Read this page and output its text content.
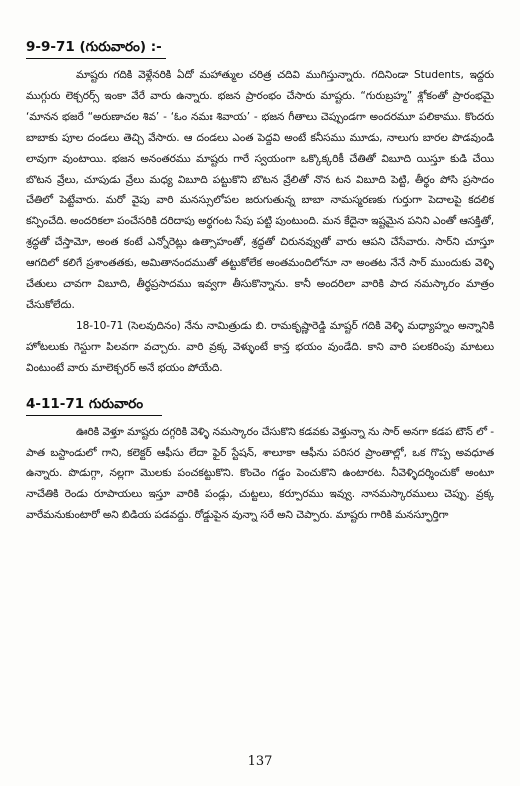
9-9-71 (గురువారం) :-

మాష్టరు గదికి వెళ్లేనరికి ఏదో మహాత్ముల చరిత్ర చదివి ముగిస్తున్నారు. గదినిండా Students, ఇద్దరు ముగ్గురు లెక్చరర్స్ ఇంకా వేరే వారు ఉన్నారు. భజన ప్రారంభం చేసారు మాష్టరు. “గురుబ్రహ్మ” శ్లోకంతో ప్రారంభమై ‘మానన భజరే “అరుణాచల శివ’ - ‘ఓం నమః శివాయ’ - భజన గీతాలు చెప్పుండగా అందరమూ పలికాము. కొందరు బాబాకు పూల దండలు తెచ్చి వేసారు. ఆ దండలు ఎంత పెద్దవి అంటే కనీసము మూడు, నాలుగు బారల పొడవుండి లావుగా వుంటాయి. భజన అనంతరము మాష్టరు గారే స్వయంగా ఒక్కొక్కరికీ చేతితో విబూది యిస్తూ కుడి చేయి బొటన వ్రేలు, చూపుడు వ్రేలు మధ్య విబూది పట్టుకొని బొటన వ్రేలితో నొన టన విబూది పెట్టి, తీర్థం పోసి ప్రసాదం చేతిలో పెట్టేవారు. మరో వైపు వారి మనస్సులోపల జరుగుతున్న బాబా నామస్మరణకు గుర్తుగా పెదాలపై కదలిక కన్పించేది. అందరికలా పంచేసరికి దరిదాపు అర్థగంట సేపు పట్టి పుంటుంది. మన కేదైనా ఇష్టమైన పనిని ఎంతో ఆసక్తితో, శ్రద్ధతో చేస్తామో, అంత కంటే ఎన్నోరెట్లు ఉత్సాహంతో, శ్రద్ధతో చిరునవ్వుతో వారు ఆపని చేసేవారు. సార్‌ని చూస్తూ ఆగదిలో కలిగే ప్రశాంతతకు, అమితానందముతో తట్టుకోలేక అంతమందిలోనూ నా అంతట నేనే సార్ ముందుకు వెళ్ళి చేతులు చావగా విబూది, తీర్థప్రసాదము ఇవ్వగా తీసుకొన్నాను. కానీ అందరిలా వారికి పాద నమస్కారం మాత్రం చేసుకోలేదు.

18-10-71 (సెలవుదినం) నేను నామిత్రుడు బి. రామకృష్ణారెడ్డి మాష్టర్ గదికి వెళ్ళి మధ్యాహ్నం అన్నానికి హోటలుకు గెస్టుగా పిలవగా వచ్చారు. వారి వ్రక్క వెళ్ళుంటే కాన్త భయం వుండేది. కాని వారి పలకరింపు మాటలు వింటుంటే వారు మాలెక్చరర్ అనే భయం పోయేది.

4-11-71 గురువారం

ఊరికి వెళ్తూ మాష్టరు దగ్గరికి వెళ్ళి నమస్కారం చేసుకొని కడవకు వెళ్తున్నా ను సార్ అనగా కడప టౌన్ లో - పాత బస్టాండులో గాని, కలెక్టర్ ఆఫీసు లేదా ఫైర్ స్టేషన్, శాలూకా ఆఫీను పరిసర ప్రాంతాల్లో, ఒక గొప్ప అవధూత ఉన్నారు. పొడుగ్గా, నల్లగా మొలకు పంచకట్టుకొని. కొంచెం గడ్డం పెంచుకొని ఉంటారట. నీవెళ్ళిదర్శించుకో అంటూ నాచేతికి రెండు రూపాయలు ఇస్తూ వారికి పండ్లు, చుట్టలు, కర్పూరము ఇవ్వు. నానమస్కారములు చెప్పు. వ్రక్క వారేమనుకుంటారో అని బిడియ పడవద్దు. రోడ్డుపైన వున్నా సరే అని చెప్పారు. మాష్టరు గారికి మనస్ఫూర్తిగా

137
